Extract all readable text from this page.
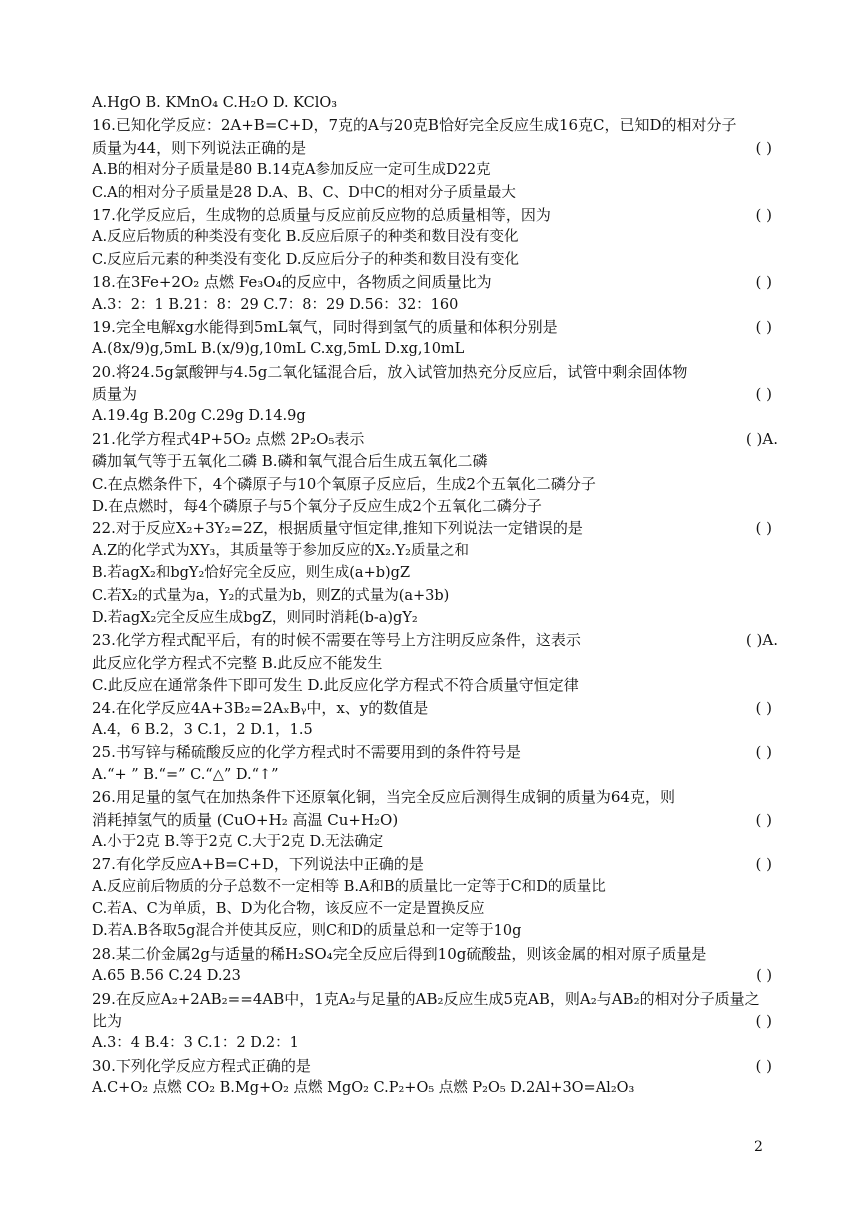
A.HgO B. KMnO₄ C.H₂O D. KClO₃
16.已知化学反应：2A+B=C+D，7克的A与20克B恰好完全反应生成16克C，已知D的相对分子
质量为44，则下列说法正确的是	( )
A.B的相对分子质量是80 B.14克A参加反应一定可生成D22克
C.A的相对分子质量是28 D.A、B、C、D中C的相对分子质量最大
17.化学反应后，生成物的总质量与反应前反应物的总质量相等，因为	( )
A.反应后物质的种类没有变化 B.反应后原子的种类和数目没有变化
C.反应后元素的种类没有变化 D.反应后分子的种类和数目没有变化
18.在3Fe+2O₂ 点燃 Fe₃O₄的反应中，各物质之间质量比为	( )
A.3：2：1 B.21：8：29 C.7：8：29 D.56：32：160
19.完全电解xg水能得到5mL氧气，同时得到氢气的质量和体积分别是	( )
A.(8x/9)g,5mL B.(x/9)g,10mL C.xg,5mL D.xg,10mL
20.将24.5g氯酸钾与4.5g二氧化锰混合后，放入试管加热充分反应后，试管中剩余固体物
质量为	( )
A.19.4g B.20g C.29g D.14.9g
21.化学方程式4P+5O₂ 点燃 2P₂O₅表示	( )A.
磷加氧气等于五氧化二磷 B.磷和氧气混合后生成五氧化二磷
C.在点燃条件下，4个磷原子与10个氧原子反应后，生成2个五氧化二磷分子
D.在点燃时，每4个磷原子与5个氧分子反应生成2个五氧化二磷分子
22.对于反应X₂+3Y₂=2Z，根据质量守恒定律,推知下列说法一定错误的是	( )
A.Z的化学式为XY₃，其质量等于参加反应的X₂.Y₂质量之和
B.若agX₂和bgY₂恰好完全反应，则生成(a+b)gZ
C.若X₂的式量为a，Y₂的式量为b，则Z的式量为(a+3b)
D.若agX₂完全反应生成bgZ，则同时消耗(b-a)gY₂
23.化学方程式配平后，有的时候不需要在等号上方注明反应条件，这表示	( )A.
此反应化学方程式不完整 B.此反应不能发生
C.此反应在通常条件下即可发生 D.此反应化学方程式不符合质量守恒定律
24.在化学反应4A+3B₂=2AₓBᵧ中，x、y的数值是	( )
A.4，6 B.2，3 C.1，2 D.1，1.5
25.书写锌与稀硫酸反应的化学方程式时不需要用到的条件符号是	( )
A.“+ ” B.“=” C.“△” D.“↑”
26.用足量的氢气在加热条件下还原氧化铜，当完全反应后测得生成铜的质量为64克，则
消耗掉氢气的质量 (CuO+H₂ 高温 Cu+H₂O)	( )
A.小于2克 B.等于2克 C.大于2克 D.无法确定
27.有化学反应A+B=C+D，下列说法中正确的是	( )
A.反应前后物质的分子总数不一定相等 B.A和B的质量比一定等于C和D的质量比
C.若A、C为单质，B、D为化合物，该反应不一定是置换反应
D.若A.B各取5g混合并使其反应，则C和D的质量总和一定等于10g
28.某二价金属2g与适量的稀H₂SO₄完全反应后得到10g硫酸盐，则该金属的相对原子质量是
A.65 B.56 C.24 D.23	( )
29.在反应A₂+2AB₂==4AB中，1克A₂与足量的AB₂反应生成5克AB，则A₂与AB₂的相对分子质量之
比为	( )
A.3：4 B.4：3 C.1：2 D.2：1
30.下列化学反应方程式正确的是	( )
A.C+O₂ 点燃 CO₂ B.Mg+O₂ 点燃 MgO₂ C.P₂+O₅ 点燃 P₂O₅ D.2Al+3O=Al₂O₃
2
